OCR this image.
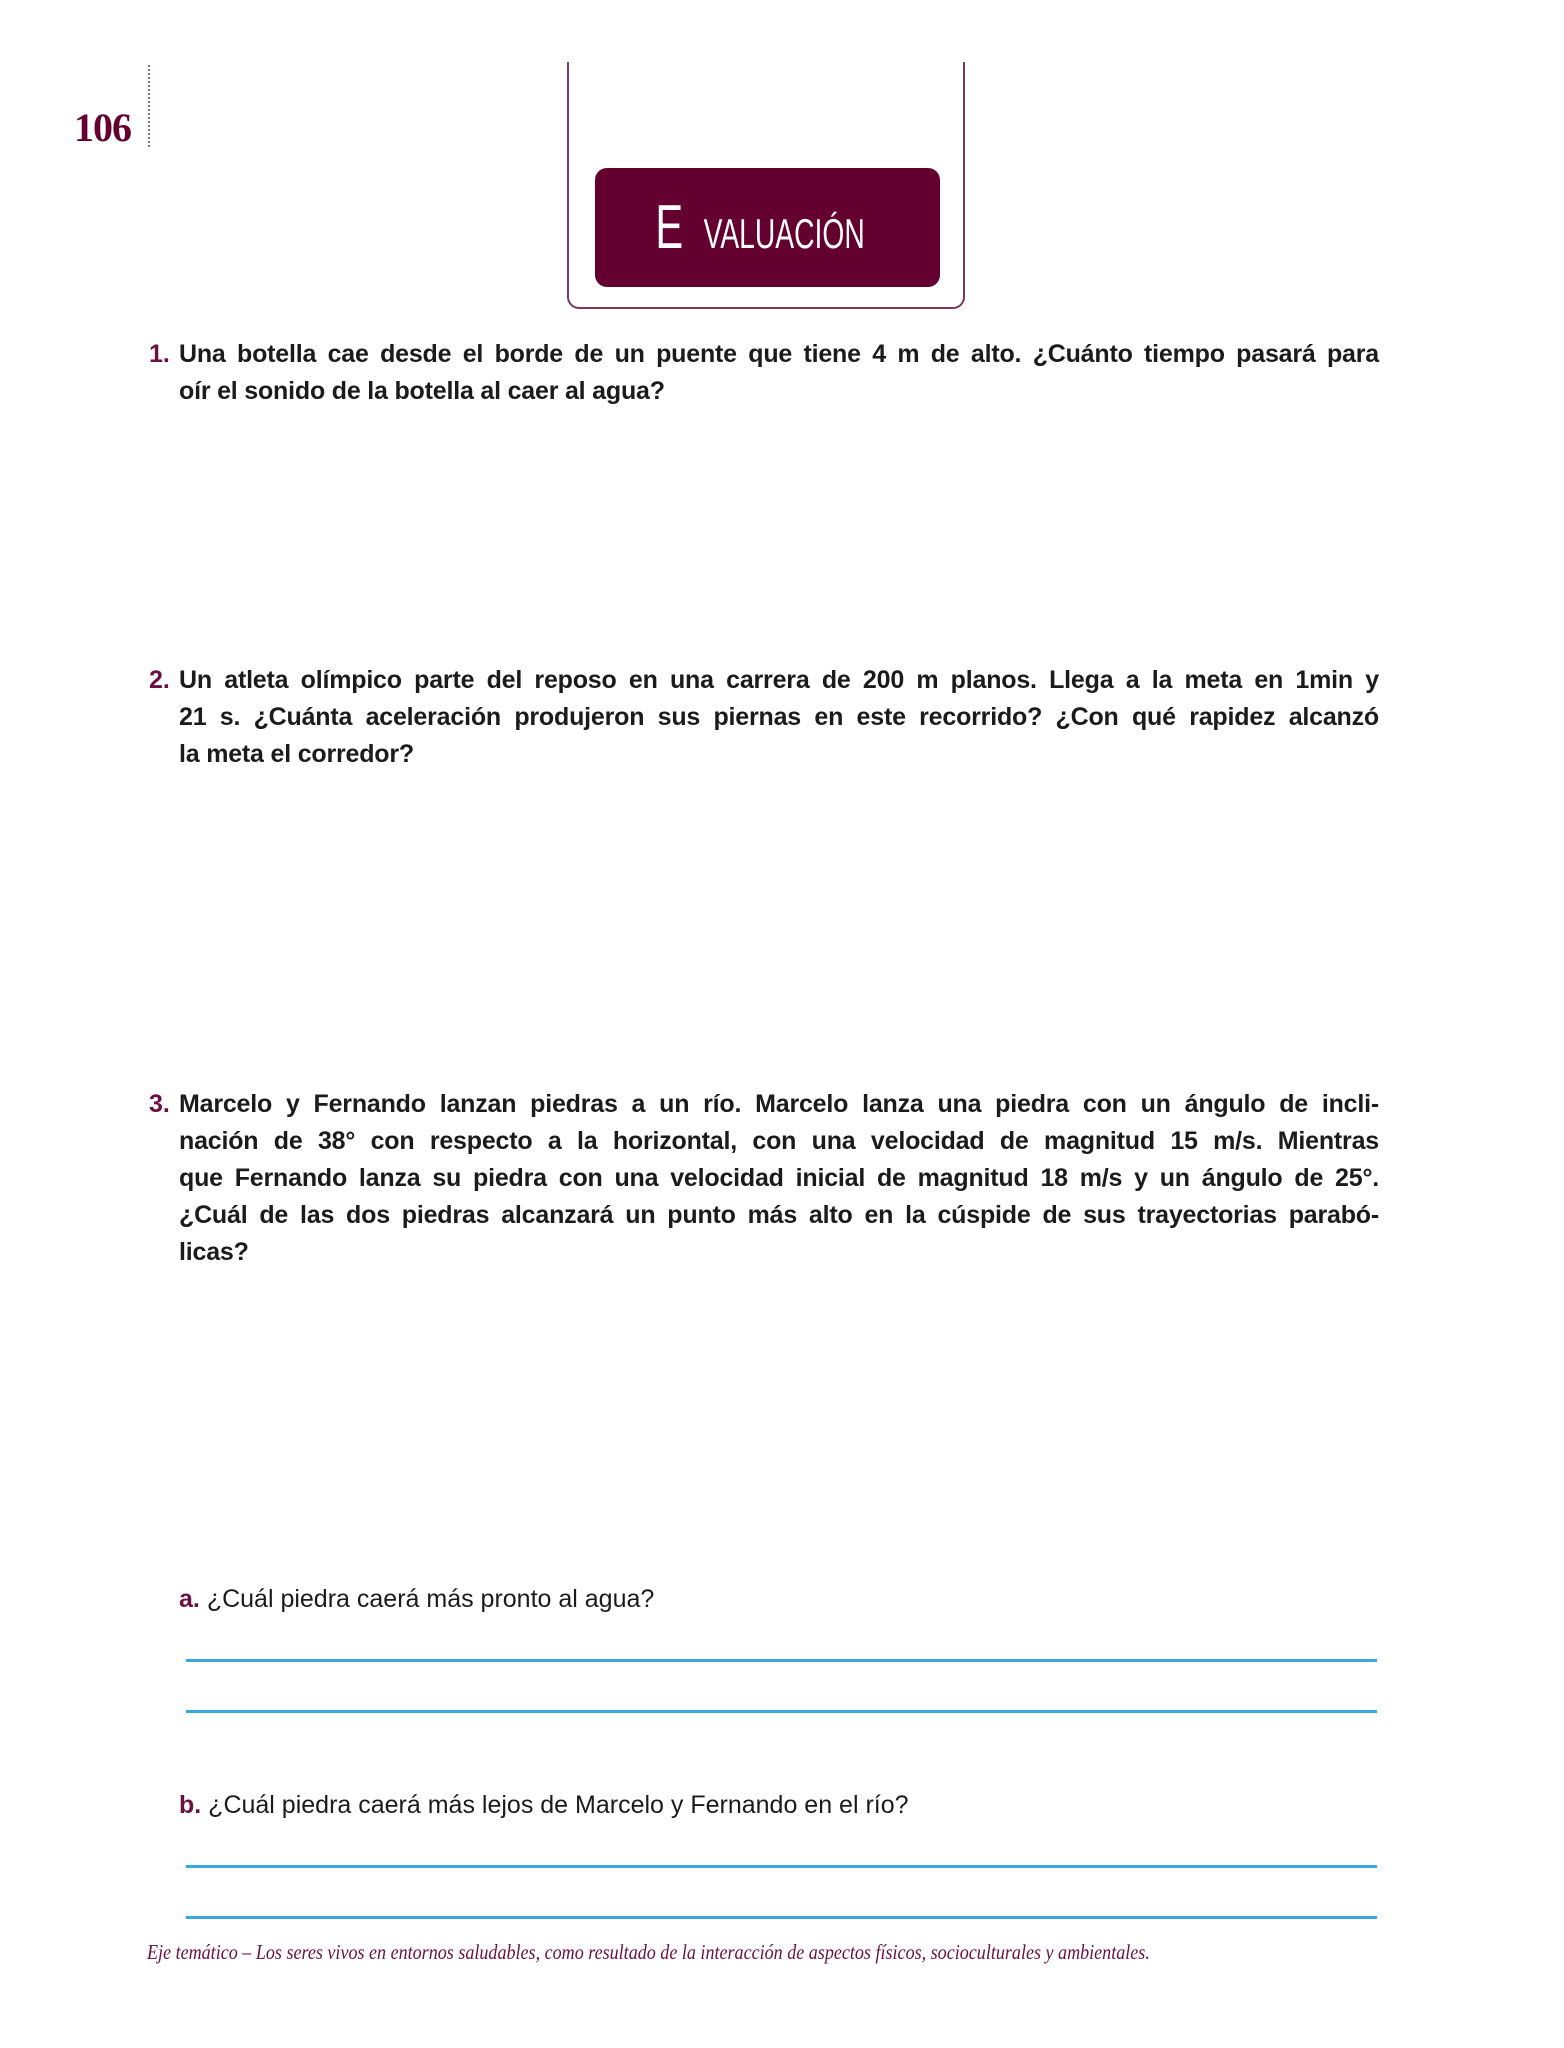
106
E VALUACIÓN
1. Una botella cae desde el borde de un puente que tiene 4 m de alto. ¿Cuánto tiempo pasará para
oír el sonido de la botella al caer al agua?
2. Un atleta olímpico parte del reposo en una carrera de 200 m planos. Llega a la meta en 1min y
21 s. ¿Cuánta aceleración produjeron sus piernas en este recorrido? ¿Con qué rapidez alcanzó
la meta el corredor?
3. Marcelo y Fernando lanzan piedras a un río. Marcelo lanza una piedra con un ángulo de incli-
nación de 38° con respecto a la horizontal, con una velocidad de magnitud 15 m/s. Mientras
que Fernando lanza su piedra con una velocidad inicial de magnitud 18 m/s y un ángulo de 25°.
¿Cuál de las dos piedras alcanzará un punto más alto en la cúspide de sus trayectorias parabó-
licas?
a. ¿Cuál piedra caerá más pronto al agua?
b. ¿Cuál piedra caerá más lejos de Marcelo y Fernando en el río?
Eje temático – Los seres vivos en entornos saludables, como resultado de la interacción de aspectos físicos, socioculturales y ambientales.
